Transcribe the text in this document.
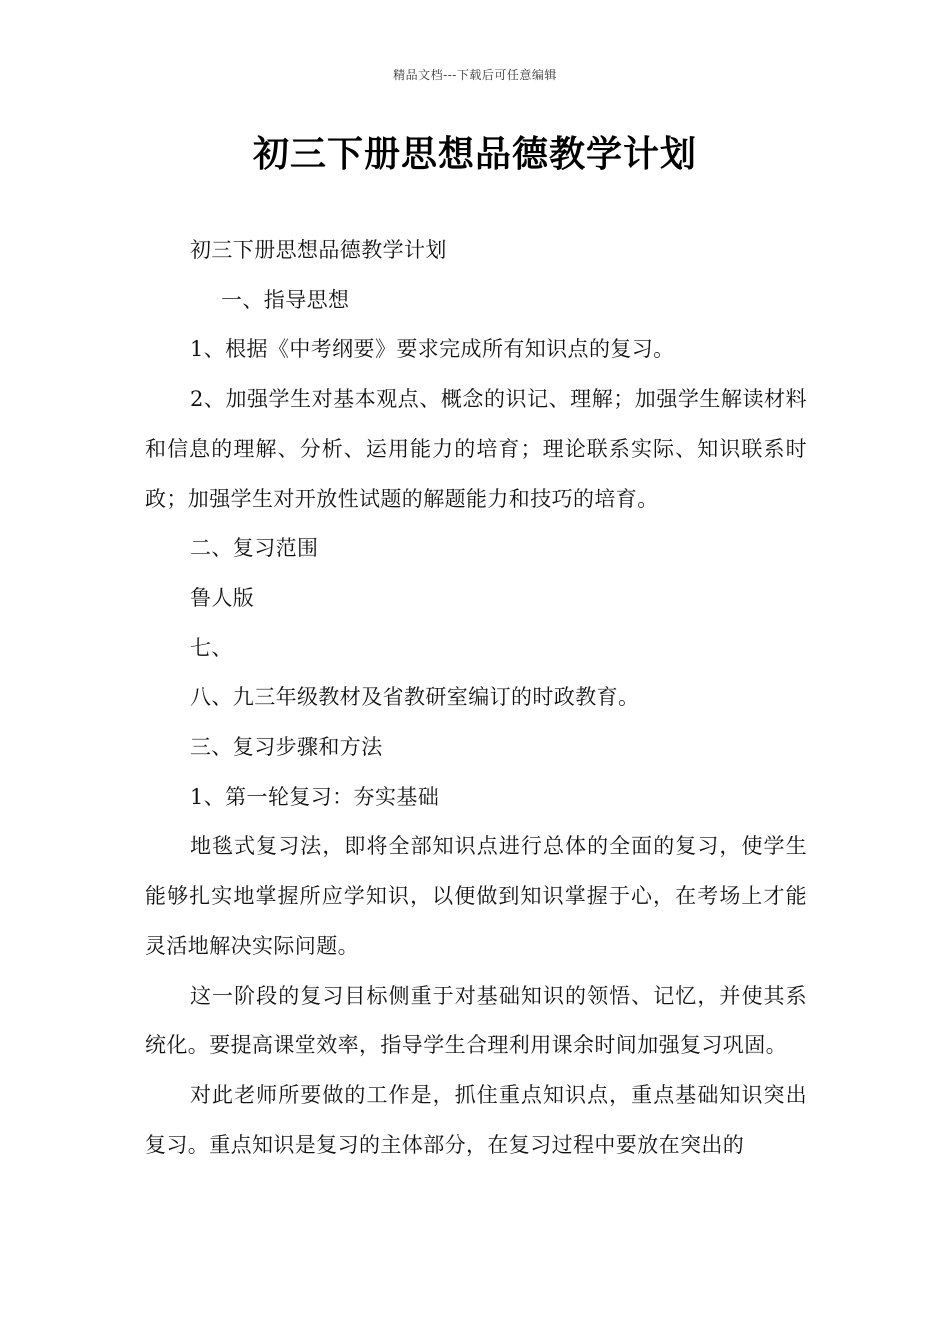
精品文档---下载后可任意编辑
初三下册思想品德教学计划

初三下册思想品德教学计划

一、指导思想

1、根据《中考纲要》要求完成所有知识点的复习。

2、加强学生对基本观点、概念的识记、理解；加强学生解读材料和信息的理解、分析、运用能力的培育；理论联系实际、知识联系时政；加强学生对开放性试题的解题能力和技巧的培育。

二、复习范围

鲁人版

七、

八、九三年级教材及省教研室编订的时政教育。

三、复习步骤和方法

1、第一轮复习：夯实基础

地毯式复习法，即将全部知识点进行总体的全面的复习，使学生能够扎实地掌握所应学知识，以便做到知识掌握于心，在考场上才能灵活地解决实际问题。

这一阶段的复习目标侧重于对基础知识的领悟、记忆，并使其系统化。要提高课堂效率，指导学生合理利用课余时间加强复习巩固。

对此老师所要做的工作是，抓住重点知识点，重点基础知识突出复习。重点知识是复习的主体部分，在复习过程中要放在突出的
